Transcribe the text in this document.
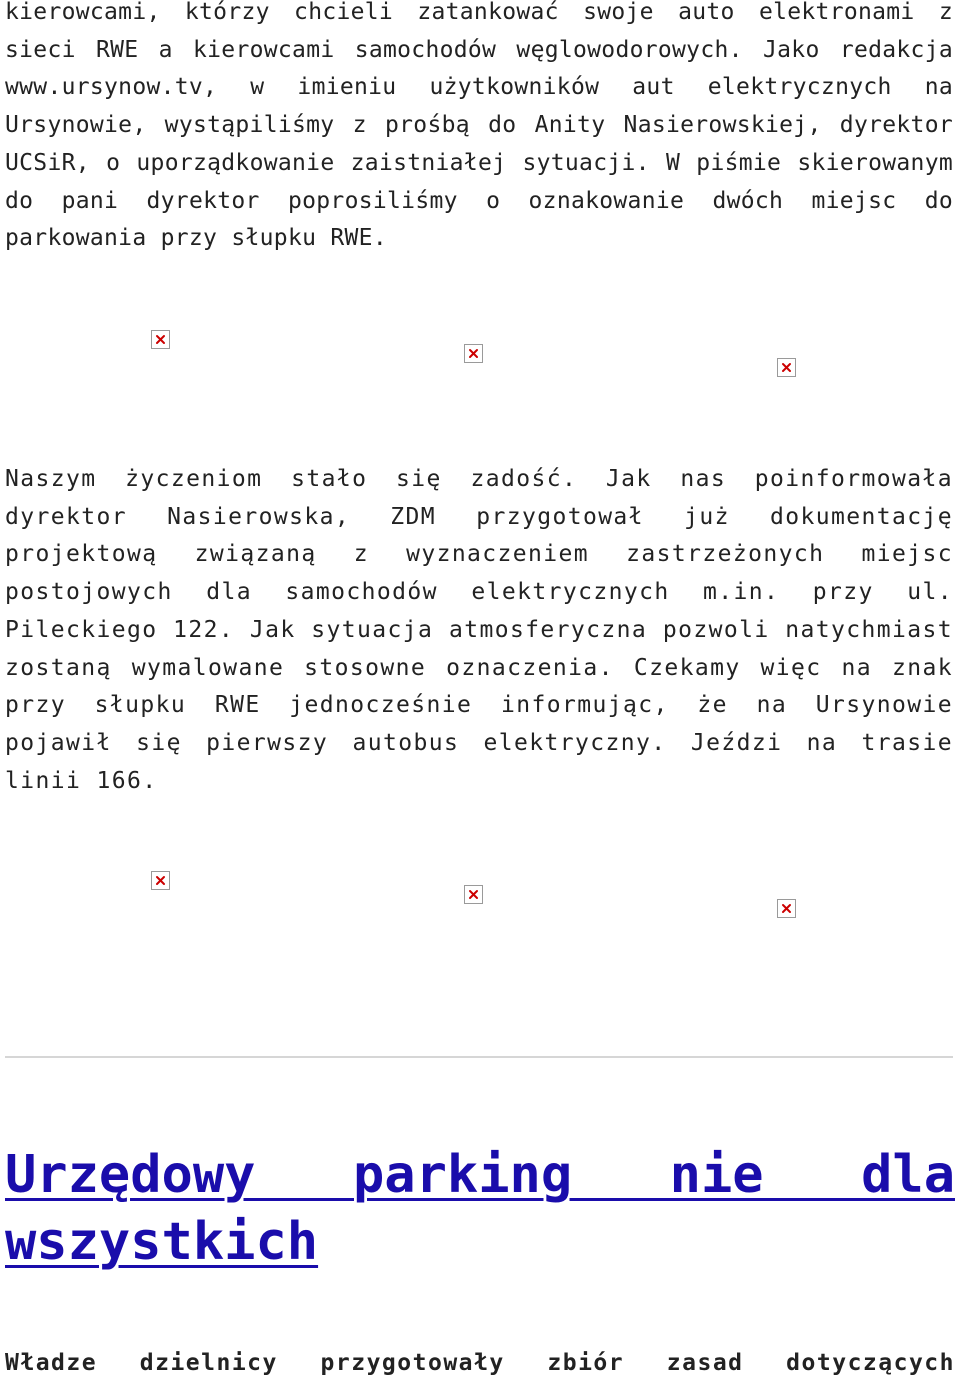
kierowcami, którzy chcieli zatankować swoje auto elektronami z sieci RWE a kierowcami samochodów węglowodorowych. Jako redakcja www.ursynow.tv, w imieniu użytkowników aut elektrycznych na Ursynowie, wystąpiliśmy z prośbą do Anity Nasierowskiej, dyrektor UCSiR, o uporządkowanie zaistniałej sytuacji. W piśmie skierowanym do pani dyrektor poprosiliśmy o oznakowanie dwóch miejsc do parkowania przy słupku RWE.

Naszym życzeniom stało się zadość. Jak nas poinformowała dyrektor Nasierowska, ZDM przygotował już dokumentację projektową związaną z wyznaczeniem zastrzeżonych miejsc postojowych dla samochodów elektrycznych m.in. przy ul. Pileckiego 122. Jak sytuacja atmosferyczna pozwoli natychmiast zostaną wymalowane stosowne oznaczenia. Czekamy więc na znak przy słupku RWE jednocześnie informując, że na Ursynowie pojawił się pierwszy autobus elektryczny. Jeździ na trasie linii 166.

Urzędowy parking nie dla wszystkich

Władze dzielnicy przygotowały zbiór zasad dotyczących
